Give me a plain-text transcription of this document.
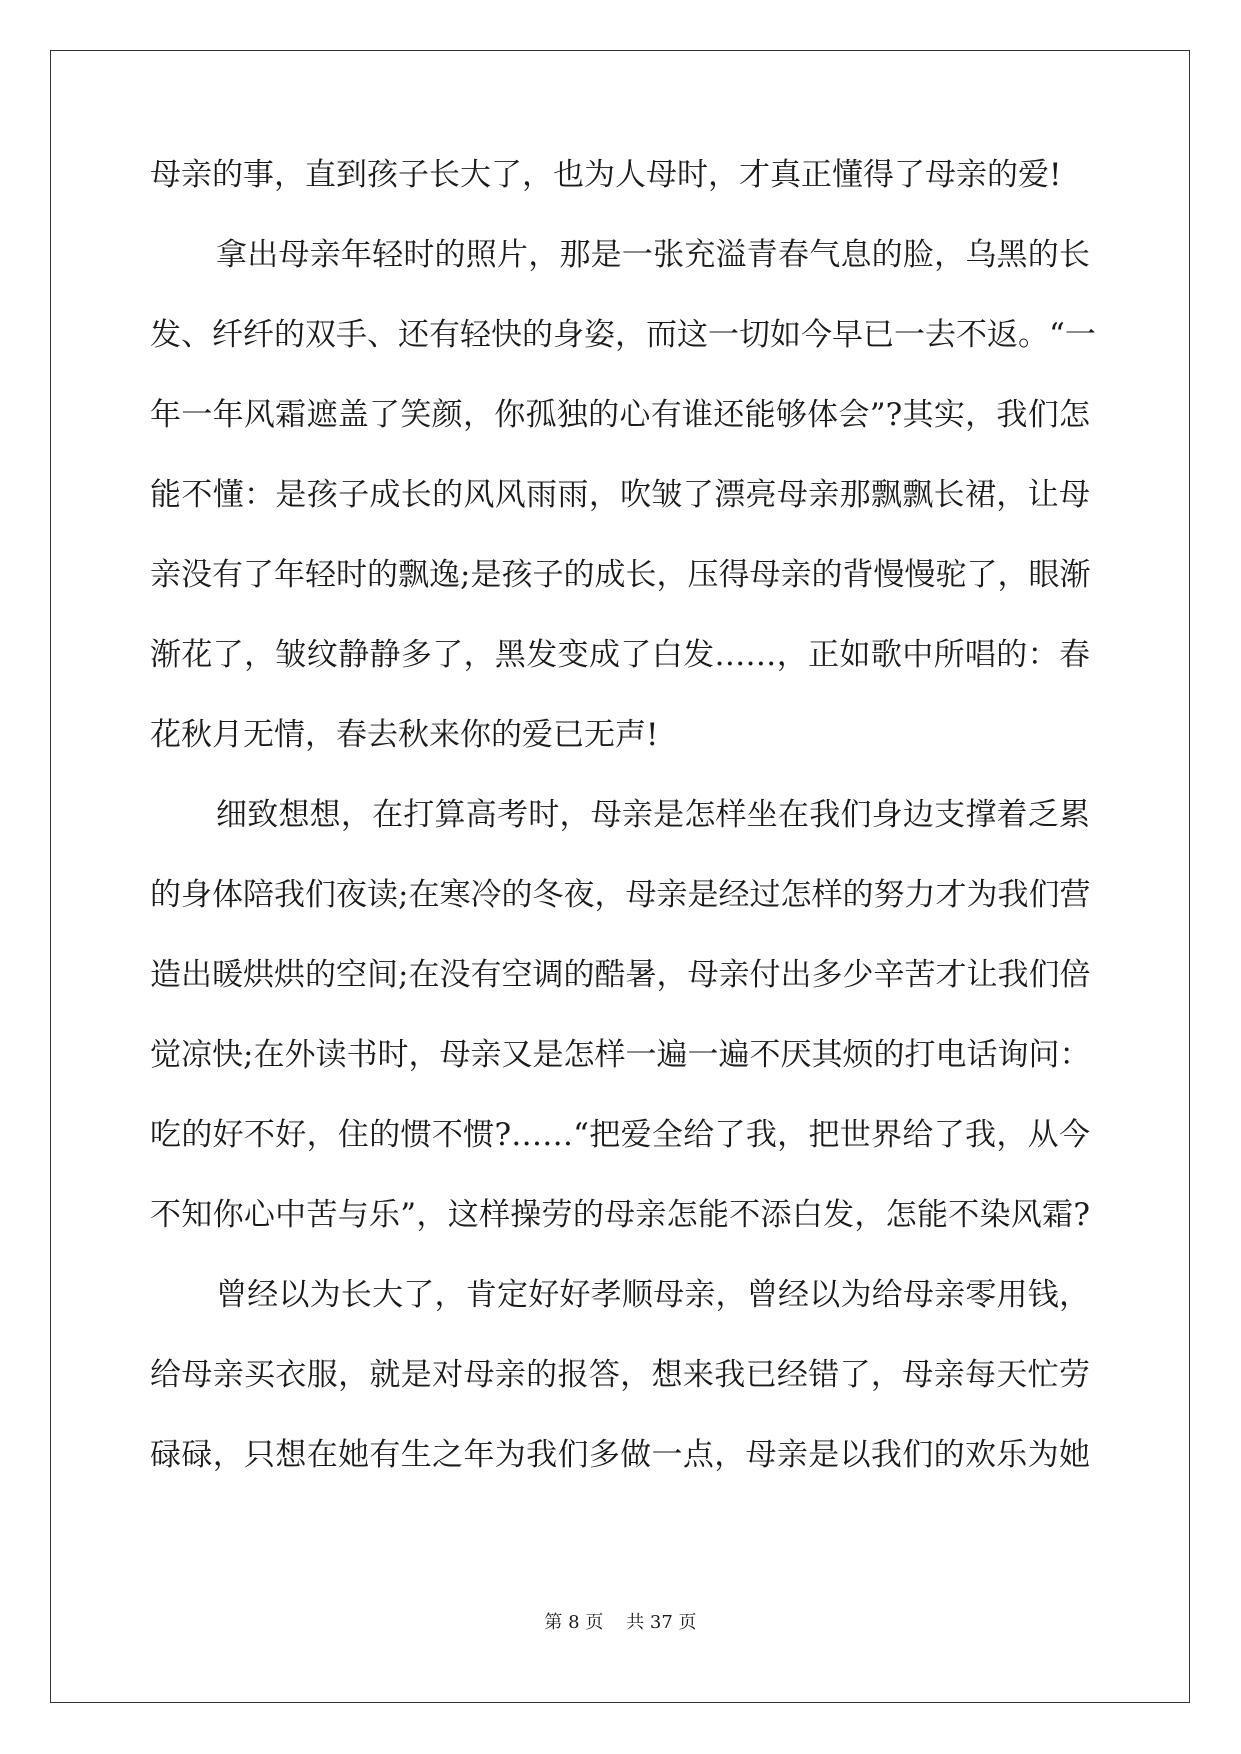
母亲的事，直到孩子长大了，也为人母时，才真正懂得了母亲的爱!
拿出母亲年轻时的照片，那是一张充溢青春气息的脸，乌黑的长
发、纤纤的双手、还有轻快的身姿，而这一切如今早已一去不返。“一
年一年风霜遮盖了笑颜，你孤独的心有谁还能够体会”?其实，我们怎
能不懂：是孩子成长的风风雨雨，吹皱了漂亮母亲那飘飘长裙，让母
亲没有了年轻时的飘逸;是孩子的成长，压得母亲的背慢慢驼了，眼渐
渐花了，皱纹静静多了，黑发变成了白发……，正如歌中所唱的：春
花秋月无情，春去秋来你的爱已无声!
细致想想，在打算高考时，母亲是怎样坐在我们身边支撑着乏累
的身体陪我们夜读;在寒冷的冬夜，母亲是经过怎样的努力才为我们营
造出暖烘烘的空间;在没有空调的酷暑，母亲付出多少辛苦才让我们倍
觉凉快;在外读书时，母亲又是怎样一遍一遍不厌其烦的打电话询问：
吃的好不好，住的惯不惯?……“把爱全给了我，把世界给了我，从今
不知你心中苦与乐”，这样操劳的母亲怎能不添白发，怎能不染风霜?
曾经以为长大了，肯定好好孝顺母亲，曾经以为给母亲零用钱，
给母亲买衣服，就是对母亲的报答，想来我已经错了，母亲每天忙劳
碌碌，只想在她有生之年为我们多做一点，母亲是以我们的欢乐为她
第 8 页    共 37 页
